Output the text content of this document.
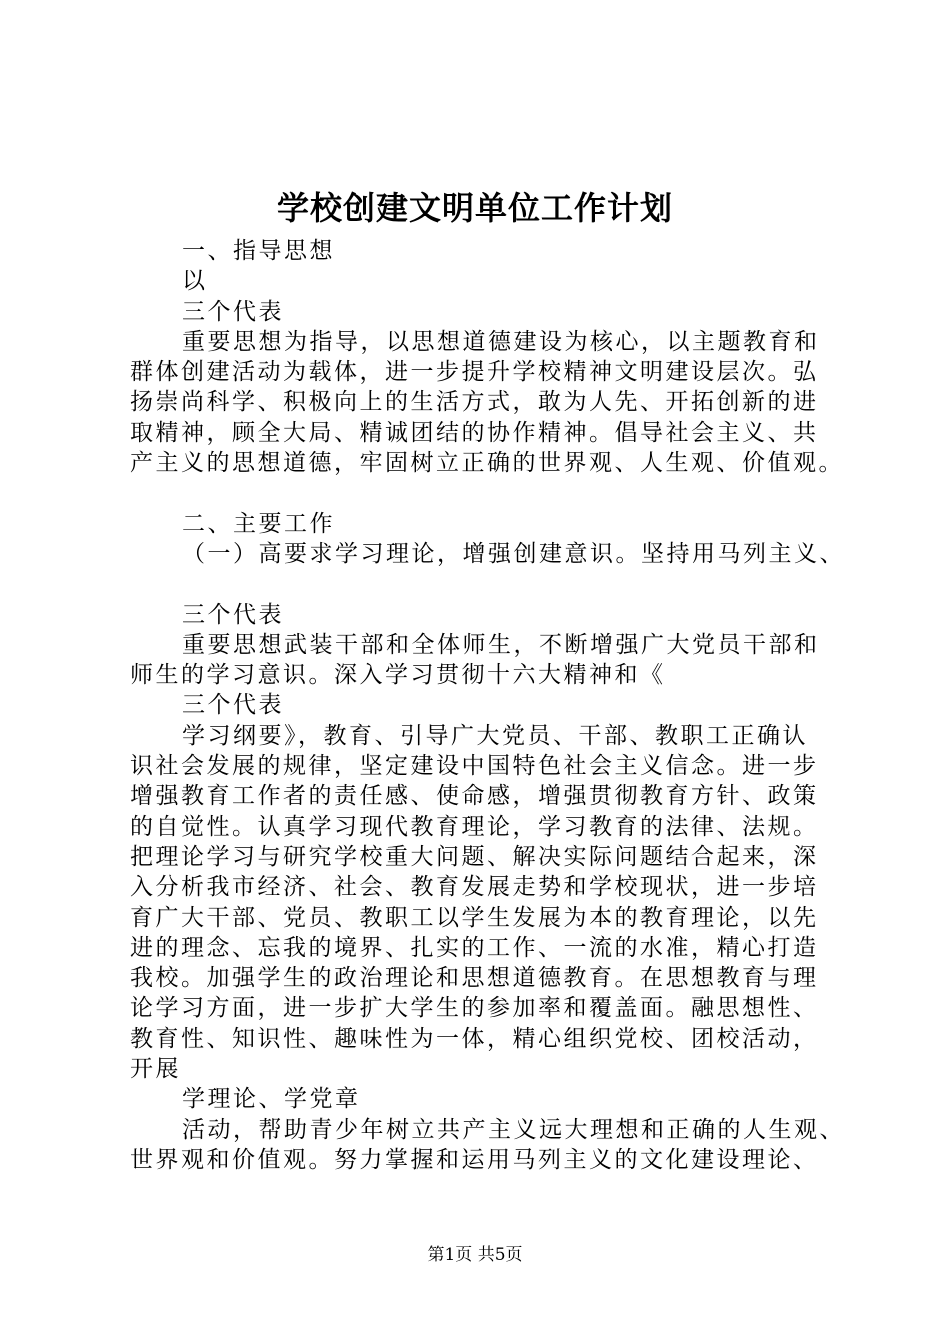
学校创建文明单位工作计划
一、指导思想
以
三个代表
重要思想为指导，以思想道德建设为核心，以主题教育和
群体创建活动为载体，进一步提升学校精神文明建设层次。弘
扬崇尚科学、积极向上的生活方式，敢为人先、开拓创新的进
取精神，顾全大局、精诚团结的协作精神。倡导社会主义、共
产主义的思想道德，牢固树立正确的世界观、人生观、价值观。
二、主要工作
（一）高要求学习理论，增强创建意识。坚持用马列主义、
三个代表
重要思想武装干部和全体师生，不断增强广大党员干部和
师生的学习意识。深入学习贯彻十六大精神和《
三个代表
学习纲要》，教育、引导广大党员、干部、教职工正确认
识社会发展的规律，坚定建设中国特色社会主义信念。进一步
增强教育工作者的责任感、使命感，增强贯彻教育方针、政策
的自觉性。认真学习现代教育理论，学习教育的法律、法规。
把理论学习与研究学校重大问题、解决实际问题结合起来，深
入分析我市经济、社会、教育发展走势和学校现状，进一步培
育广大干部、党员、教职工以学生发展为本的教育理论，以先
进的理念、忘我的境界、扎实的工作、一流的水准，精心打造
我校。加强学生的政治理论和思想道德教育。在思想教育与理
论学习方面，进一步扩大学生的参加率和覆盖面。融思想性、
教育性、知识性、趣味性为一体，精心组织党校、团校活动，
开展
学理论、学党章
活动，帮助青少年树立共产主义远大理想和正确的人生观、
世界观和价值观。努力掌握和运用马列主义的文化建设理论、
第1页 共5页
